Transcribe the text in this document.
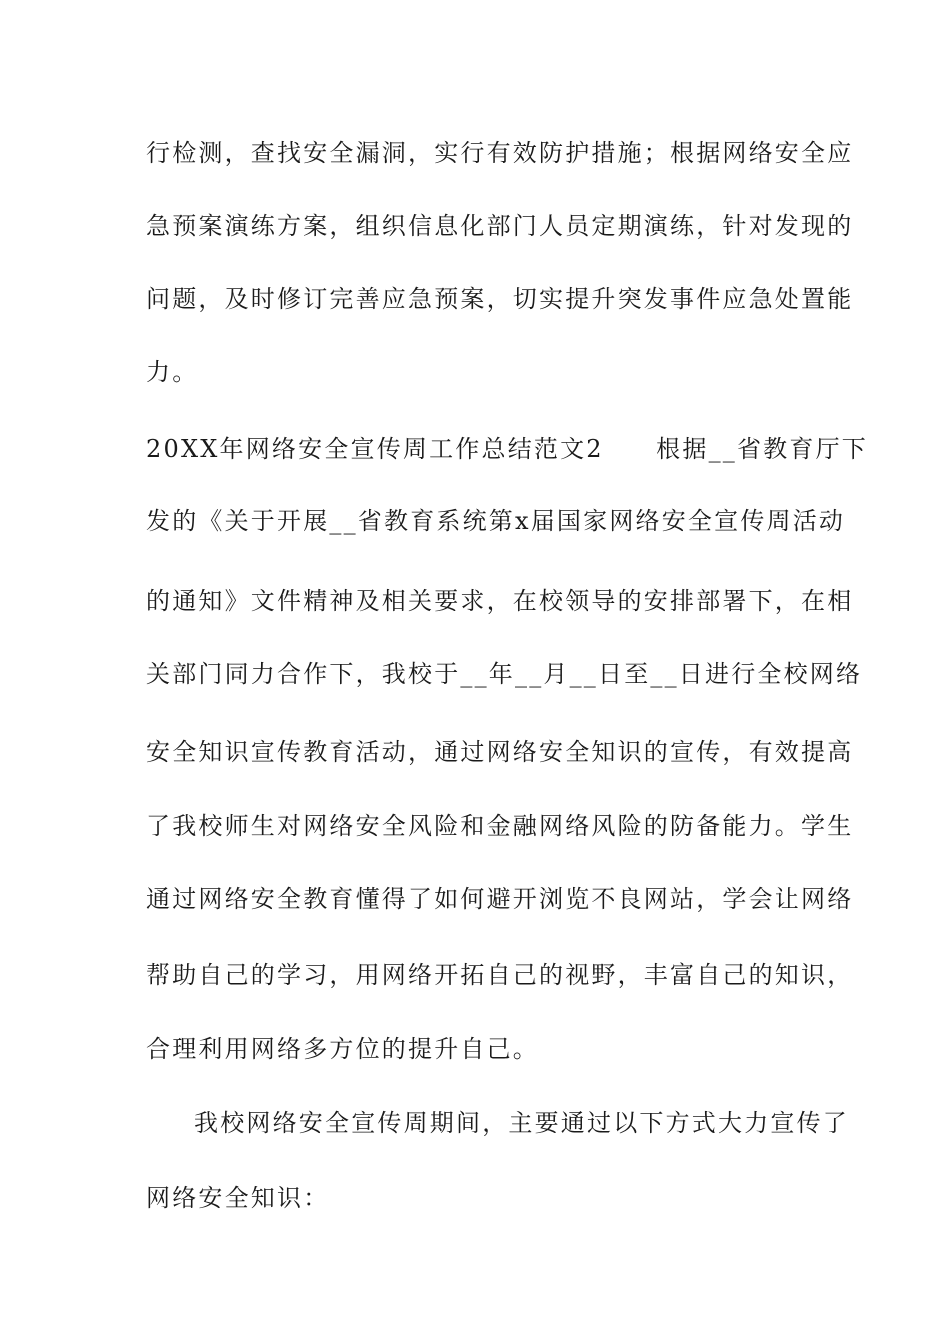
行检测，查找安全漏洞，实行有效防护措施；根据网络安全应
急预案演练方案，组织信息化部门人员定期演练，针对发现的
问题，及时修订完善应急预案，切实提升突发事件应急处置能
力。
20XX年网络安全宣传周工作总结范文2　　根据__省教育厅下
发的《关于开展__省教育系统第x届国家网络安全宣传周活动
的通知》文件精神及相关要求，在校领导的安排部署下，在相
关部门同力合作下，我校于__年__月__日至__日进行全校网络
安全知识宣传教育活动，通过网络安全知识的宣传，有效提高
了我校师生对网络安全风险和金融网络风险的防备能力。学生
通过网络安全教育懂得了如何避开浏览不良网站，学会让网络
帮助自己的学习，用网络开拓自己的视野，丰富自己的知识，
合理利用网络多方位的提升自己。
我校网络安全宣传周期间，主要通过以下方式大力宣传了
网络安全知识：
